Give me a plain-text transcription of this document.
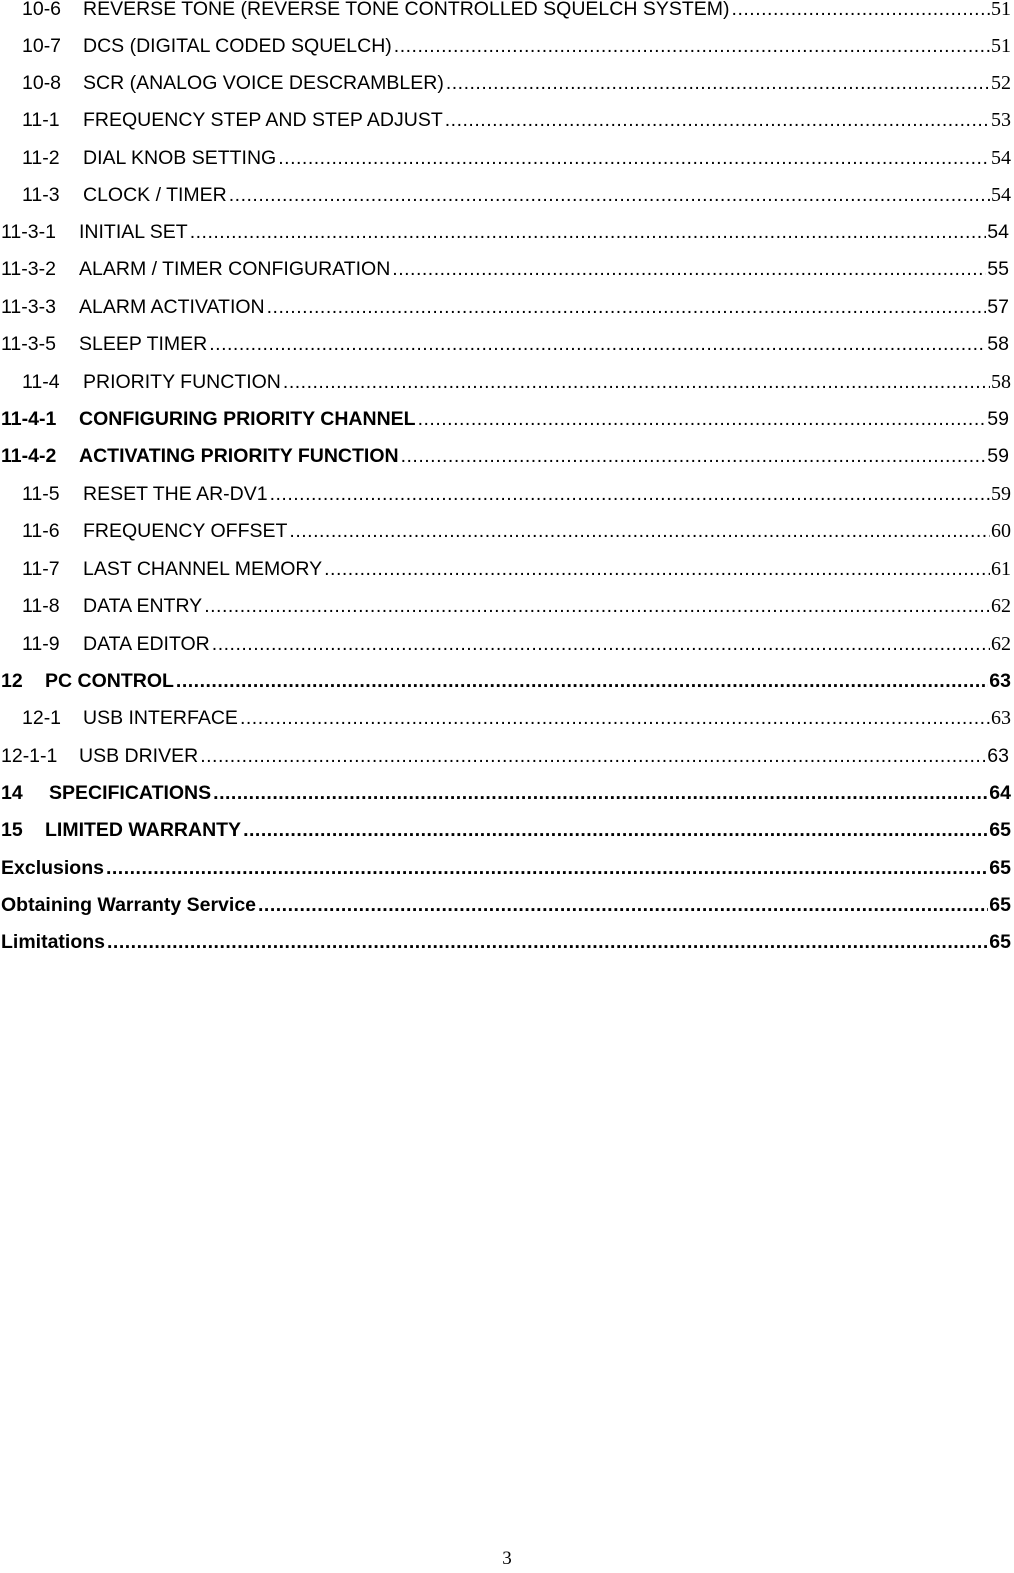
10-6	REVERSE TONE (REVERSE TONE CONTROLLED SQUELCH SYSTEM) .....	51
10-7	DCS (DIGITAL CODED SQUELCH) .....	51
10-8	SCR (ANALOG VOICE DESCRAMBLER) .....	52
11-1	FREQUENCY STEP AND STEP ADJUST .....	53
11-2	DIAL KNOB SETTING .....	54
11-3	CLOCK / TIMER .....	54
11-3-1	INITIAL SET .....	54
11-3-2	ALARM / TIMER CONFIGURATION .....	55
11-3-3	ALARM ACTIVATION .....	57
11-3-5	SLEEP TIMER .....	58
11-4	PRIORITY FUNCTION .....	58
11-4-1	CONFIGURING PRIORITY CHANNEL .....	59
11-4-2	ACTIVATING PRIORITY FUNCTION .....	59
11-5	RESET THE AR-DV1 .....	59
11-6	FREQUENCY OFFSET .....	60
11-7	LAST CHANNEL MEMORY .....	61
11-8	DATA ENTRY .....	62
11-9	DATA EDITOR .....	62
12	PC CONTROL .....	63
12-1	USB INTERFACE .....	63
12-1-1	USB DRIVER .....	63
14	SPECIFICATIONS .....	64
15	LIMITED WARRANTY .....	65
Exclusions .....	65
Obtaining Warranty Service .....	65
Limitations .....	65
3
